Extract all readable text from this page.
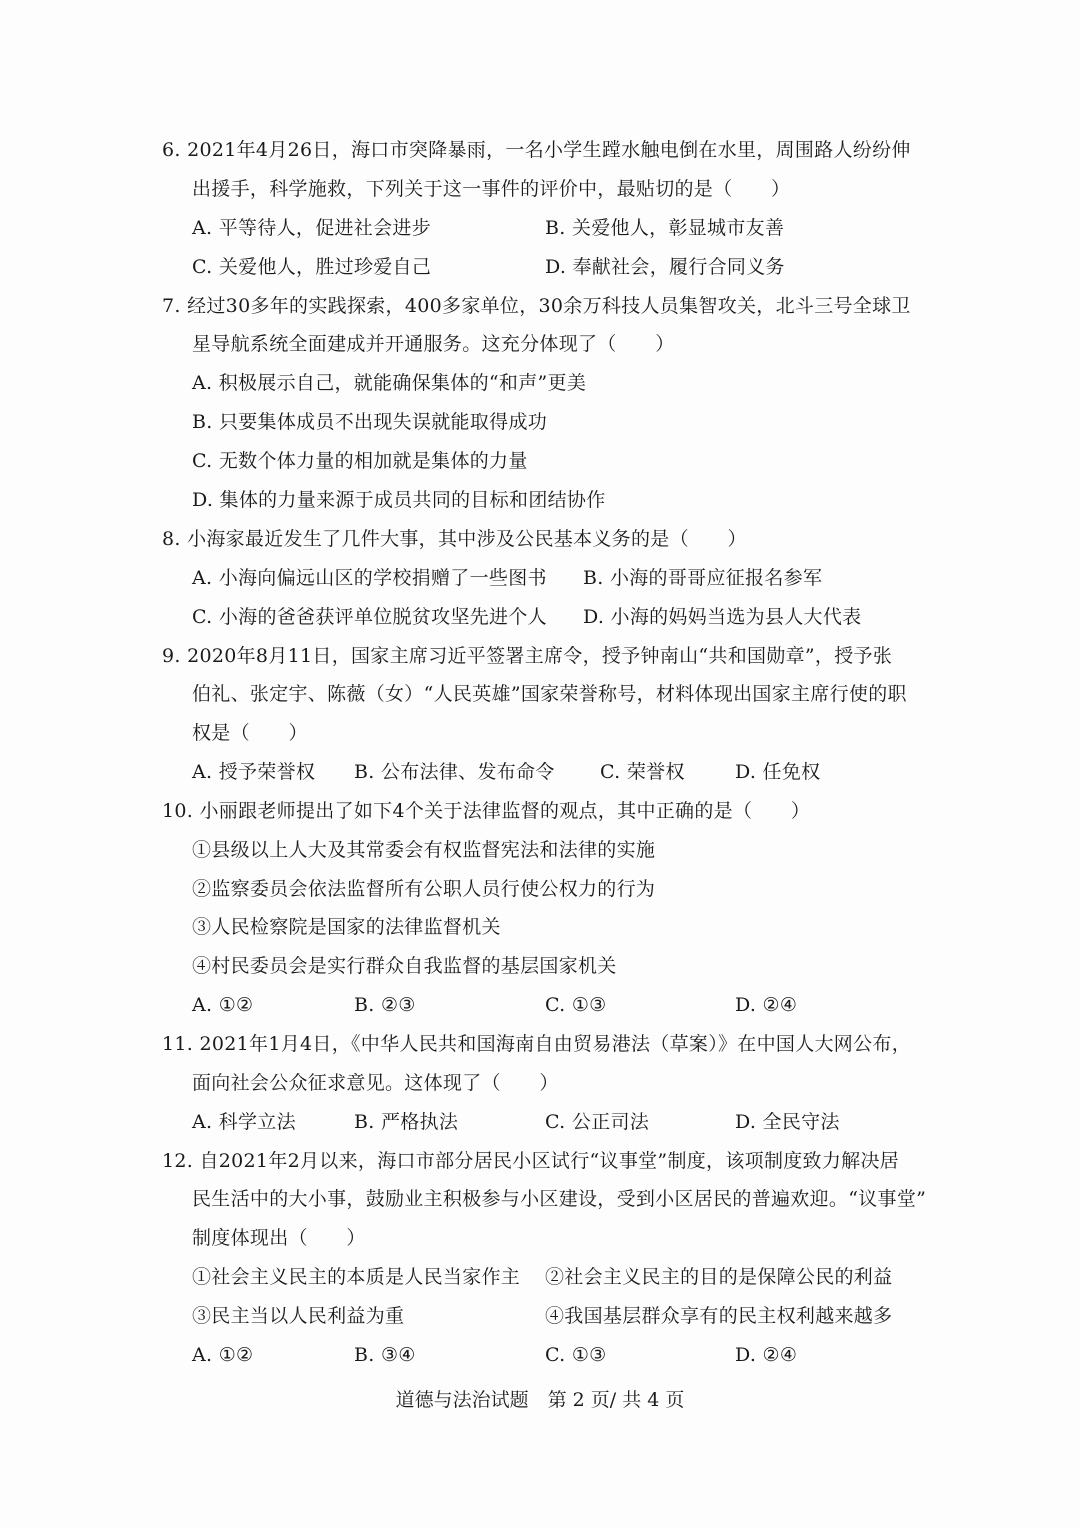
6. 2021年4月26日，海口市突降暴雨，一名小学生蹚水触电倒在水里，周围路人纷纷伸
出援手，科学施救，下列关于这一事件的评价中，最贴切的是（　　）
A. 平等待人，促进社会进步	B. 关爱他人，彰显城市友善
C. 关爱他人，胜过珍爱自己	D. 奉献社会，履行合同义务
7. 经过30多年的实践探索，400多家单位，30余万科技人员集智攻关，北斗三号全球卫
星导航系统全面建成并开通服务。这充分体现了（　　）
A. 积极展示自己，就能确保集体的“和声”更美
B. 只要集体成员不出现失误就能取得成功
C. 无数个体力量的相加就是集体的力量
D. 集体的力量来源于成员共同的目标和团结协作
8. 小海家最近发生了几件大事，其中涉及公民基本义务的是（　　）
A. 小海向偏远山区的学校捐赠了一些图书 B. 小海的哥哥应征报名参军
C. 小海的爸爸获评单位脱贫攻坚先进个人 D. 小海的妈妈当选为县人大代表
9. 2020年8月11日，国家主席习近平签署主席令，授予钟南山“共和国勋章”，授予张
伯礼、张定宇、陈薇（女）“人民英雄”国家荣誉称号，材料体现出国家主席行使的职
权是（　　）
A. 授予荣誉权 B. 公布法律、发布命令 C. 荣誉权	D. 任免权
10. 小丽跟老师提出了如下4个关于法律监督的观点，其中正确的是（　　）
①县级以上人大及其常委会有权监督宪法和法律的实施
②监察委员会依法监督所有公职人员行使公权力的行为
③人民检察院是国家的法律监督机关
④村民委员会是实行群众自我监督的基层国家机关
A. ①②	B. ②③	C. ①③	D. ②④
11. 2021年1月4日，《中华人民共和国海南自由贸易港法（草案）》在中国人大网公布，
面向社会公众征求意见。这体现了（　　）
A. 科学立法	B. 严格执法	C. 公正司法	D. 全民守法
12. 自2021年2月以来，海口市部分居民小区试行“议事堂”制度，该项制度致力解决居
民生活中的大小事，鼓励业主积极参与小区建设，受到小区居民的普遍欢迎。“议事堂”
制度体现出（　　）
①社会主义民主的本质是人民当家作主 ②社会主义民主的目的是保障公民的利益
③民主当以人民利益为重	④我国基层群众享有的民主权利越来越多
A. ①②	B. ③④	C. ①③	D. ②④
道德与法治试题　第 2 页/ 共 4 页
